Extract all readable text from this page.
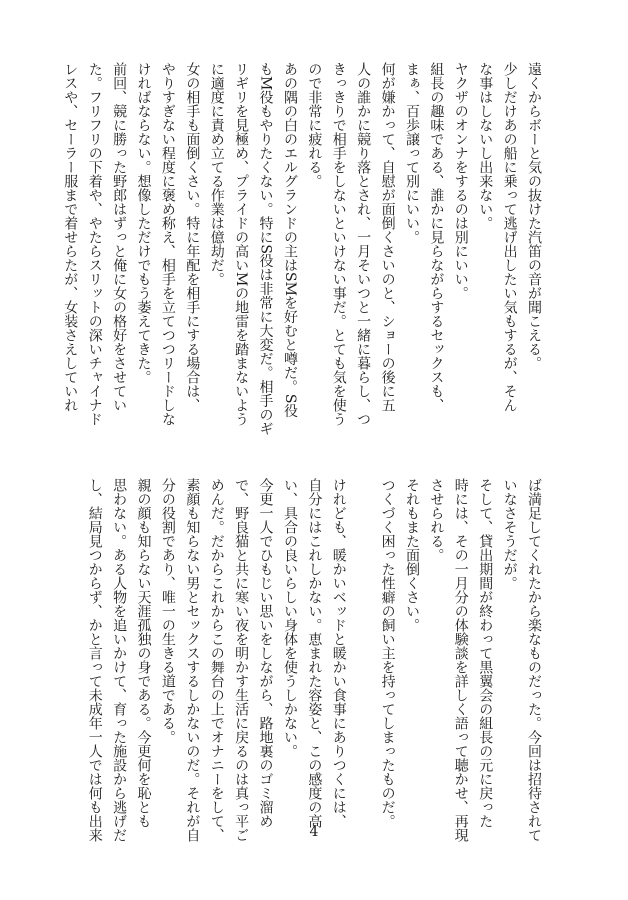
遠くからボーと気の抜けた汽笛の音が聞こえる。
少しだけあの船に乗って逃げ出したい気もするが、そん
な事はしないし出来ない。
ヤクザのオンナをするのは別にいい。
組長の趣味である、誰かに見らながらするセックスも、
まぁ、百歩譲って別にいい。
何が嫌かって、自慰が面倒くさいのと、ショーの後に五
人の誰かに競り落とされ、一月そいつと一緒に暮らし、つ
きっきりで相手をしないといけない事だ。とても気を使う
ので非常に疲れる。
あの隅の白のエルグランドの主はSMを好むと噂だ。S役
もM役もやりたくない。特にS役は非常に大変だ。相手のギ
リギリを見極め、プライドの高いMの地雷を踏まないよう
に適度に責め立てる作業は億劫だ。
女の相手も面倒くさい。特に年配を相手にする場合は、
やりすぎない程度に褒め称え、相手を立てつつリードしな
ければならない。想像しただけでもう萎えてきた。
前回、競に勝った野郎はずっと俺に女の格好をさせてい
た。フリフリの下着や、やたらスリットの深いチャイナド
レスや、セーラー服まで着せらたが、女装さえしていれ
ば満足してくれたから楽なものだった。今回は招待されて
いなさそうだが。
そして、貸出期間が終わって黒翼会の組長の元に戻った
時には、その一月分の体験談を詳しく語って聴かせ、再現
させられる。
それもまた面倒くさい。
つくづく困った性癖の飼い主を持ってしまったものだ。

けれども、暖かいベッドと暖かい食事にありつくには、
自分にはこれしかない。恵まれた容姿と、この感度の高
い、具合の良いらしい身体を使うしかない。
今更一人でひもじい思いをしながら、路地裏のゴミ溜め
で、野良猫と共に寒い夜を明かす生活に戻るのは真っ平ご
めんだ。だからこれからこの舞台の上でオナニーをして、
素顔も知らない男とセックスするしかないのだ。それが自
分の役割であり、唯一の生きる道である。
親の顔も知らない天涯孤独の身である。今更何を恥とも
思わない。ある人物を追いかけて、育った施設から逃げだ
し、結局見つからず、かと言って未成年一人では何も出来	4
